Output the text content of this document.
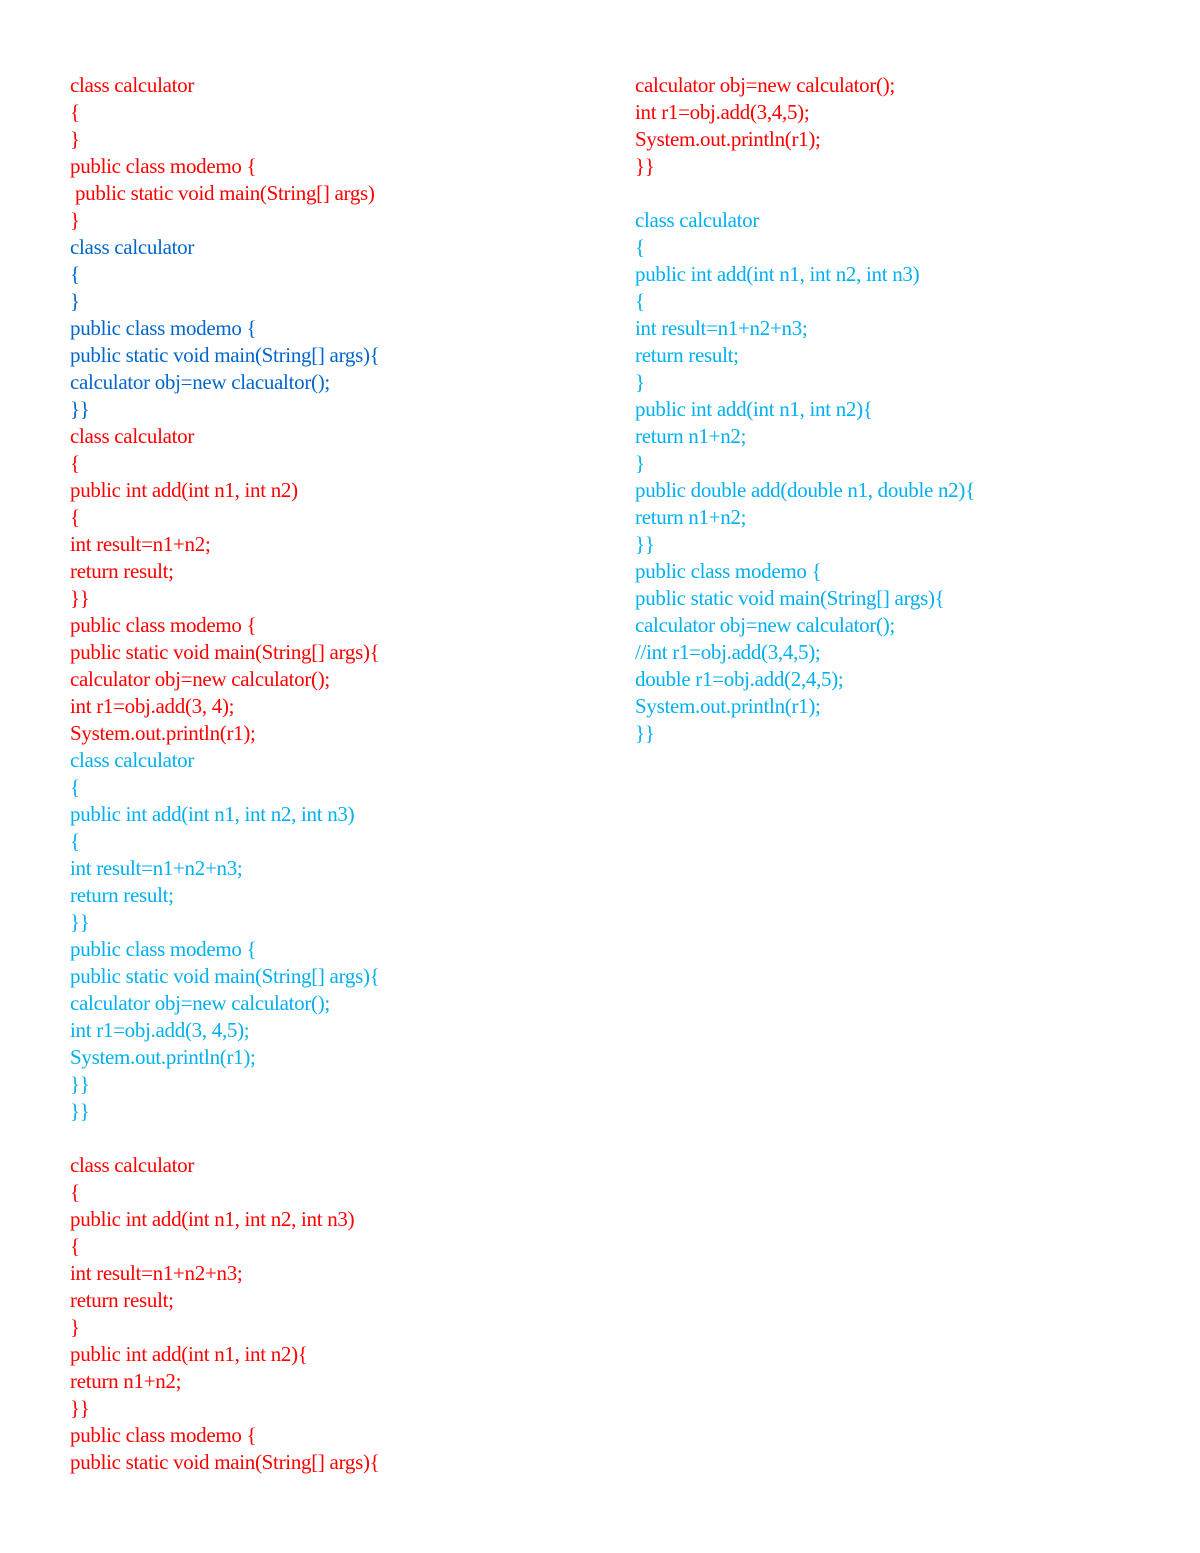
class calculator
{
}
public class modemo {
public static void main(String[] args)
}
class calculator
{
}
public class modemo {
public static void main(String[] args){
calculator obj=new clacualtor();
}}
class calculator
{
public int add(int n1, int n2)
{
int result=n1+n2;
return result;
}}
public class modemo {
public static void main(String[] args){
calculator obj=new calculator();
int r1=obj.add(3, 4);
System.out.println(r1);
class calculator
{
public int add(int n1, int n2, int n3)
{
int result=n1+n2+n3;
return result;
}}
public class modemo {
public static void main(String[] args){
calculator obj=new calculator();
int r1=obj.add(3, 4,5);
System.out.println(r1);
}}
}}
class calculator
{
public int add(int n1, int n2, int n3)
{
int result=n1+n2+n3;
return result;
}
public int add(int n1, int n2){
return n1+n2;
}}
public class modemo {
public static void main(String[] args){
calculator obj=new calculator();
int r1=obj.add(3,4,5);
System.out.println(r1);
}}
class calculator
{
public int add(int n1, int n2, int n3)
{
int result=n1+n2+n3;
return result;
}
public int add(int n1, int n2){
return n1+n2;
}
public double add(double n1, double n2){
return n1+n2;
}}
public class modemo {
public static void main(String[] args){
calculator obj=new calculator();
//int r1=obj.add(3,4,5);
double r1=obj.add(2,4,5);
System.out.println(r1);
}}
